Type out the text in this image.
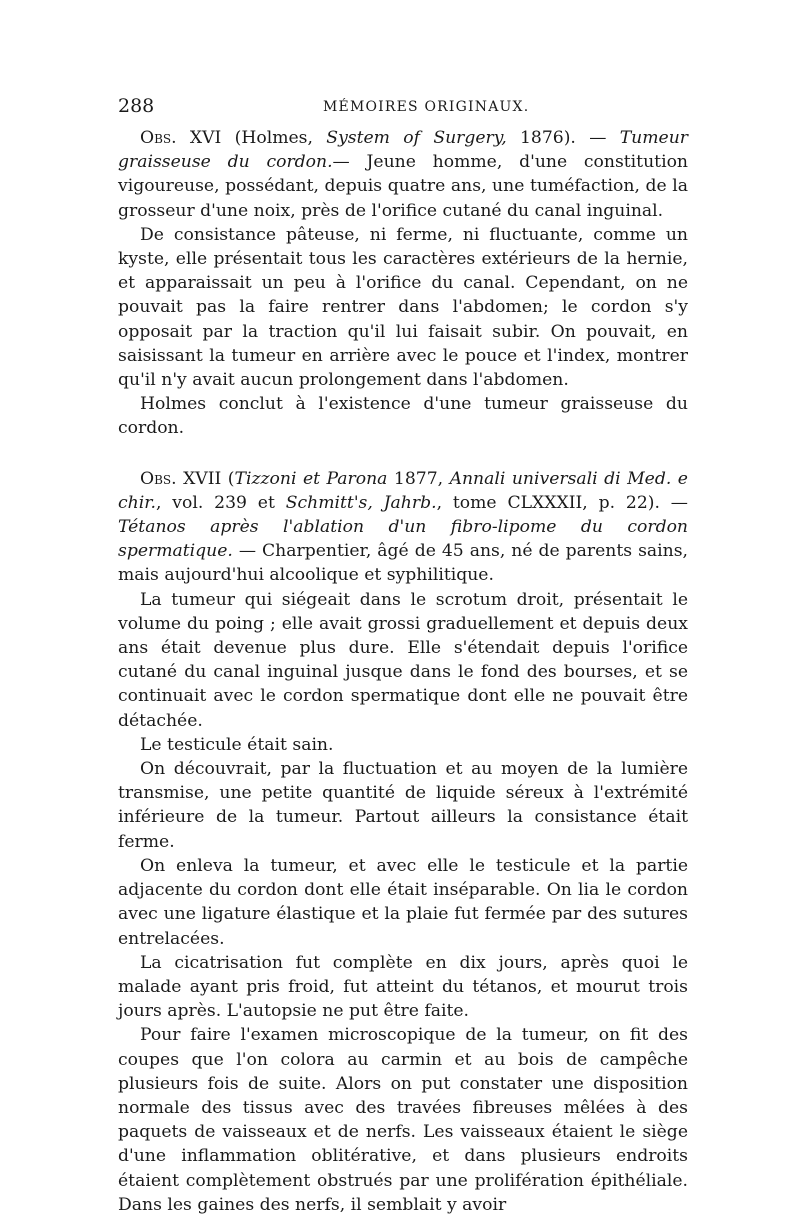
288	MÉMOIRES ORIGINAUX.

Obs. XVI (Holmes, System of Surgery, 1876). — Tumeur graisseuse du cordon.— Jeune homme, d'une constitution vigoureuse, possédant, depuis quatre ans, une tuméfaction, de la grosseur d'une noix, près de l'orifice cutané du canal inguinal.

De consistance pâteuse, ni ferme, ni fluctuante, comme un kyste, elle présentait tous les caractères extérieurs de la hernie, et apparaissait un peu à l'orifice du canal. Cependant, on ne pouvait pas la faire rentrer dans l'abdomen; le cordon s'y opposait par la traction qu'il lui faisait subir. On pouvait, en saisissant la tumeur en arrière avec le pouce et l'index, montrer qu'il n'y avait aucun prolongement dans l'abdomen.

Holmes conclut à l'existence d'une tumeur graisseuse du cordon.

Obs. XVII (Tizzoni et Parona 1877, Annali universali di Med. e chir., vol. 239 et Schmitt's, Jahrb., tome CLXXXII, p. 22). — Tétanos après l'ablation d'un fibro-lipome du cordon spermatique. — Charpentier, âgé de 45 ans, né de parents sains, mais aujourd'hui alcoolique et syphilitique.

La tumeur qui siégeait dans le scrotum droit, présentait le volume du poing ; elle avait grossi graduellement et depuis deux ans était devenue plus dure. Elle s'étendait depuis l'orifice cutané du canal inguinal jusque dans le fond des bourses, et se continuait avec le cordon spermatique dont elle ne pouvait être détachée.

Le testicule était sain.

On découvrait, par la fluctuation et au moyen de la lumière transmise, une petite quantité de liquide séreux à l'extrémité inférieure de la tumeur. Partout ailleurs la consistance était ferme.

On enleva la tumeur, et avec elle le testicule et la partie adjacente du cordon dont elle était inséparable. On lia le cordon avec une ligature élastique et la plaie fut fermée par des sutures entrelacées.

La cicatrisation fut complète en dix jours, après quoi le malade ayant pris froid, fut atteint du tétanos, et mourut trois jours après. L'autopsie ne put être faite.

Pour faire l'examen microscopique de la tumeur, on fit des coupes que l'on colora au carmin et au bois de campêche plusieurs fois de suite. Alors on put constater une disposition normale des tissus avec des travées fibreuses mêlées à des paquets de vaisseaux et de nerfs. Les vaisseaux étaient le siège d'une inflammation oblitérative, et dans plusieurs endroits étaient complètement obstrués par une prolifération épithéliale. Dans les gaines des nerfs, il semblait y avoir
